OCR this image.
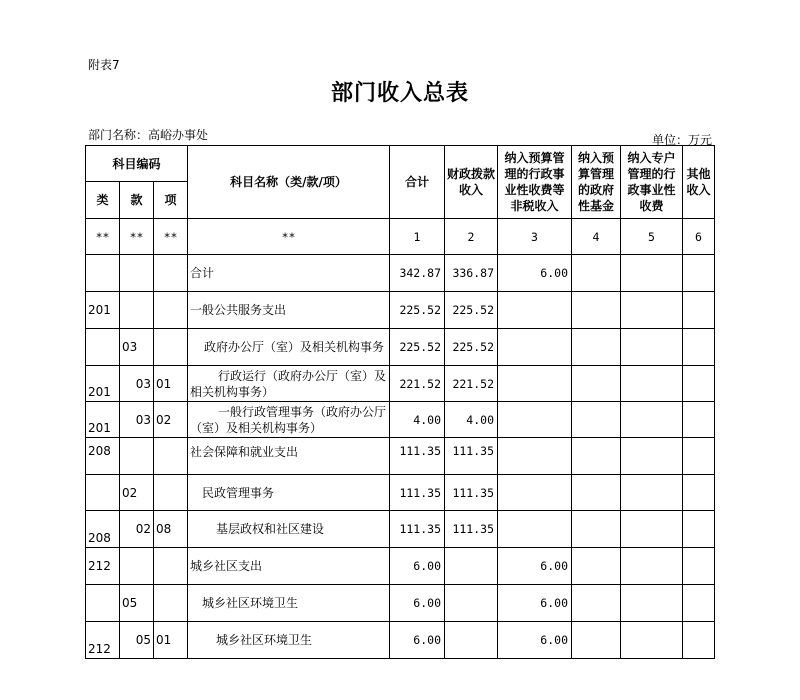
附表7
部门收入总表
部门名称：高峪办事处	单位：万元
科目编码			科目名称（类/款/项）	合计	财政拨款收入	纳入预算管理的行政事业性收费等非税收入	纳入预算管理的政府性基金	纳入专户管理的行政事业性收费	其他收入
类	款	项							
**	**	**	**	1	2	3	4	5	6
			合计	342.87	336.87	6.00			
201			一般公共服务支出	225.52	225.52				
	03		政府办公厅（室）及相关机构事务	225.52	225.52				
201	03	01	行政运行（政府办公厅（室）及相关机构事务）	221.52	221.52				
201	03	02	一般行政管理事务（政府办公厅（室）及相关机构事务）	4.00	4.00				
208			社会保障和就业支出	111.35	111.35				
	02		民政管理事务	111.35	111.35				
208	02	08	基层政权和社区建设	111.35	111.35				
212			城乡社区支出	6.00		6.00			
	05		城乡社区环境卫生	6.00		6.00			
212	05	01	城乡社区环境卫生	6.00		6.00			
